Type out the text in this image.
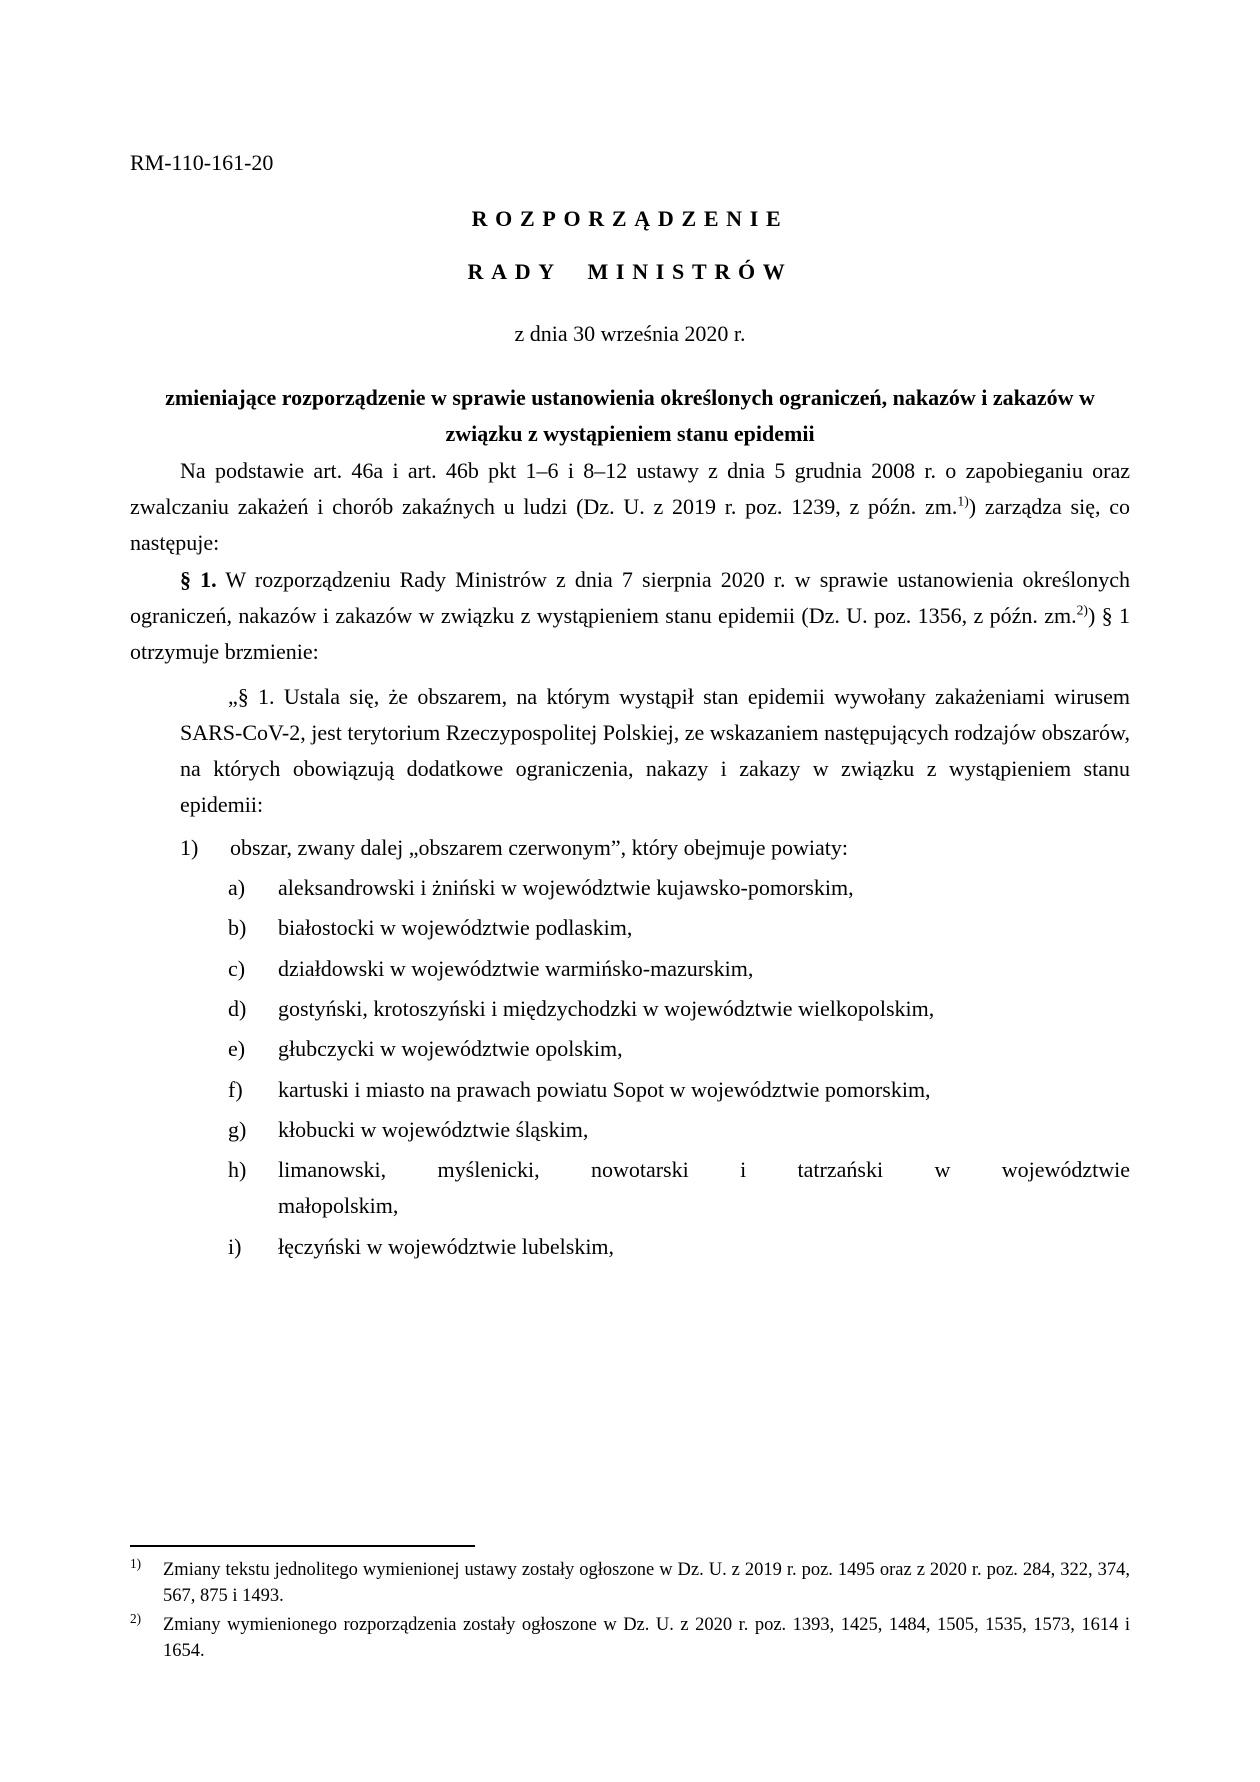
RM-110-161-20
ROZPORZĄDZENIE
RADY MINISTRÓW
z dnia 30 września 2020 r.
zmieniające rozporządzenie w sprawie ustanowienia określonych ograniczeń, nakazów i zakazów w związku z wystąpieniem stanu epidemii

Na podstawie art. 46a i art. 46b pkt 1–6 i 8–12 ustawy z dnia 5 grudnia 2008 r. o zapobieganiu oraz zwalczaniu zakażeń i chorób zakaźnych u ludzi (Dz. U. z 2019 r. poz. 1239, z późn. zm.$^{1)}$) zarządza się, co następuje:

§ 1. W rozporządzeniu Rady Ministrów z dnia 7 sierpnia 2020 r. w sprawie ustanowienia określonych ograniczeń, nakazów i zakazów w związku z wystąpieniem stanu epidemii (Dz. U. poz. 1356, z późn. zm.$^{2)}$) § 1 otrzymuje brzmienie:

„§ 1. Ustala się, że obszarem, na którym wystąpił stan epidemii wywołany zakażeniami wirusem SARS-CoV-2, jest terytorium Rzeczypospolitej Polskiej, ze wskazaniem następujących rodzajów obszarów, na których obowiązują dodatkowe ograniczenia, nakazy i zakazy w związku z wystąpieniem stanu epidemii:

1)	obszar, zwany dalej „obszarem czerwonym”, który obejmuje powiaty:
a)	aleksandrowski i żniński w województwie kujawsko-pomorskim,
b)	białostocki w województwie podlaskim,
c)	działdowski w województwie warmińsko-mazurskim,
d)	gostyński, krotoszyński i międzychodzki w województwie wielkopolskim,
e)	głubczycki w województwie opolskim,
f)	kartuski i miasto na prawach powiatu Sopot w województwie pomorskim,
g)	kłobucki w województwie śląskim,
h)	limanowski, myślenicki, nowotarski i tatrzański w województwie
małopolskim,
i)	łęczyński w województwie lubelskim,
$^{1)}$	Zmiany tekstu jednolitego wymienionej ustawy zostały ogłoszone w Dz. U. z 2019 r. poz. 1495 oraz z 2020 r. poz. 284, 322, 374, 567, 875 i 1493.
$^{2)}$	Zmiany wymienionego rozporządzenia zostały ogłoszone w Dz. U. z 2020 r. poz. 1393, 1425, 1484, 1505, 1535, 1573, 1614 i 1654.
